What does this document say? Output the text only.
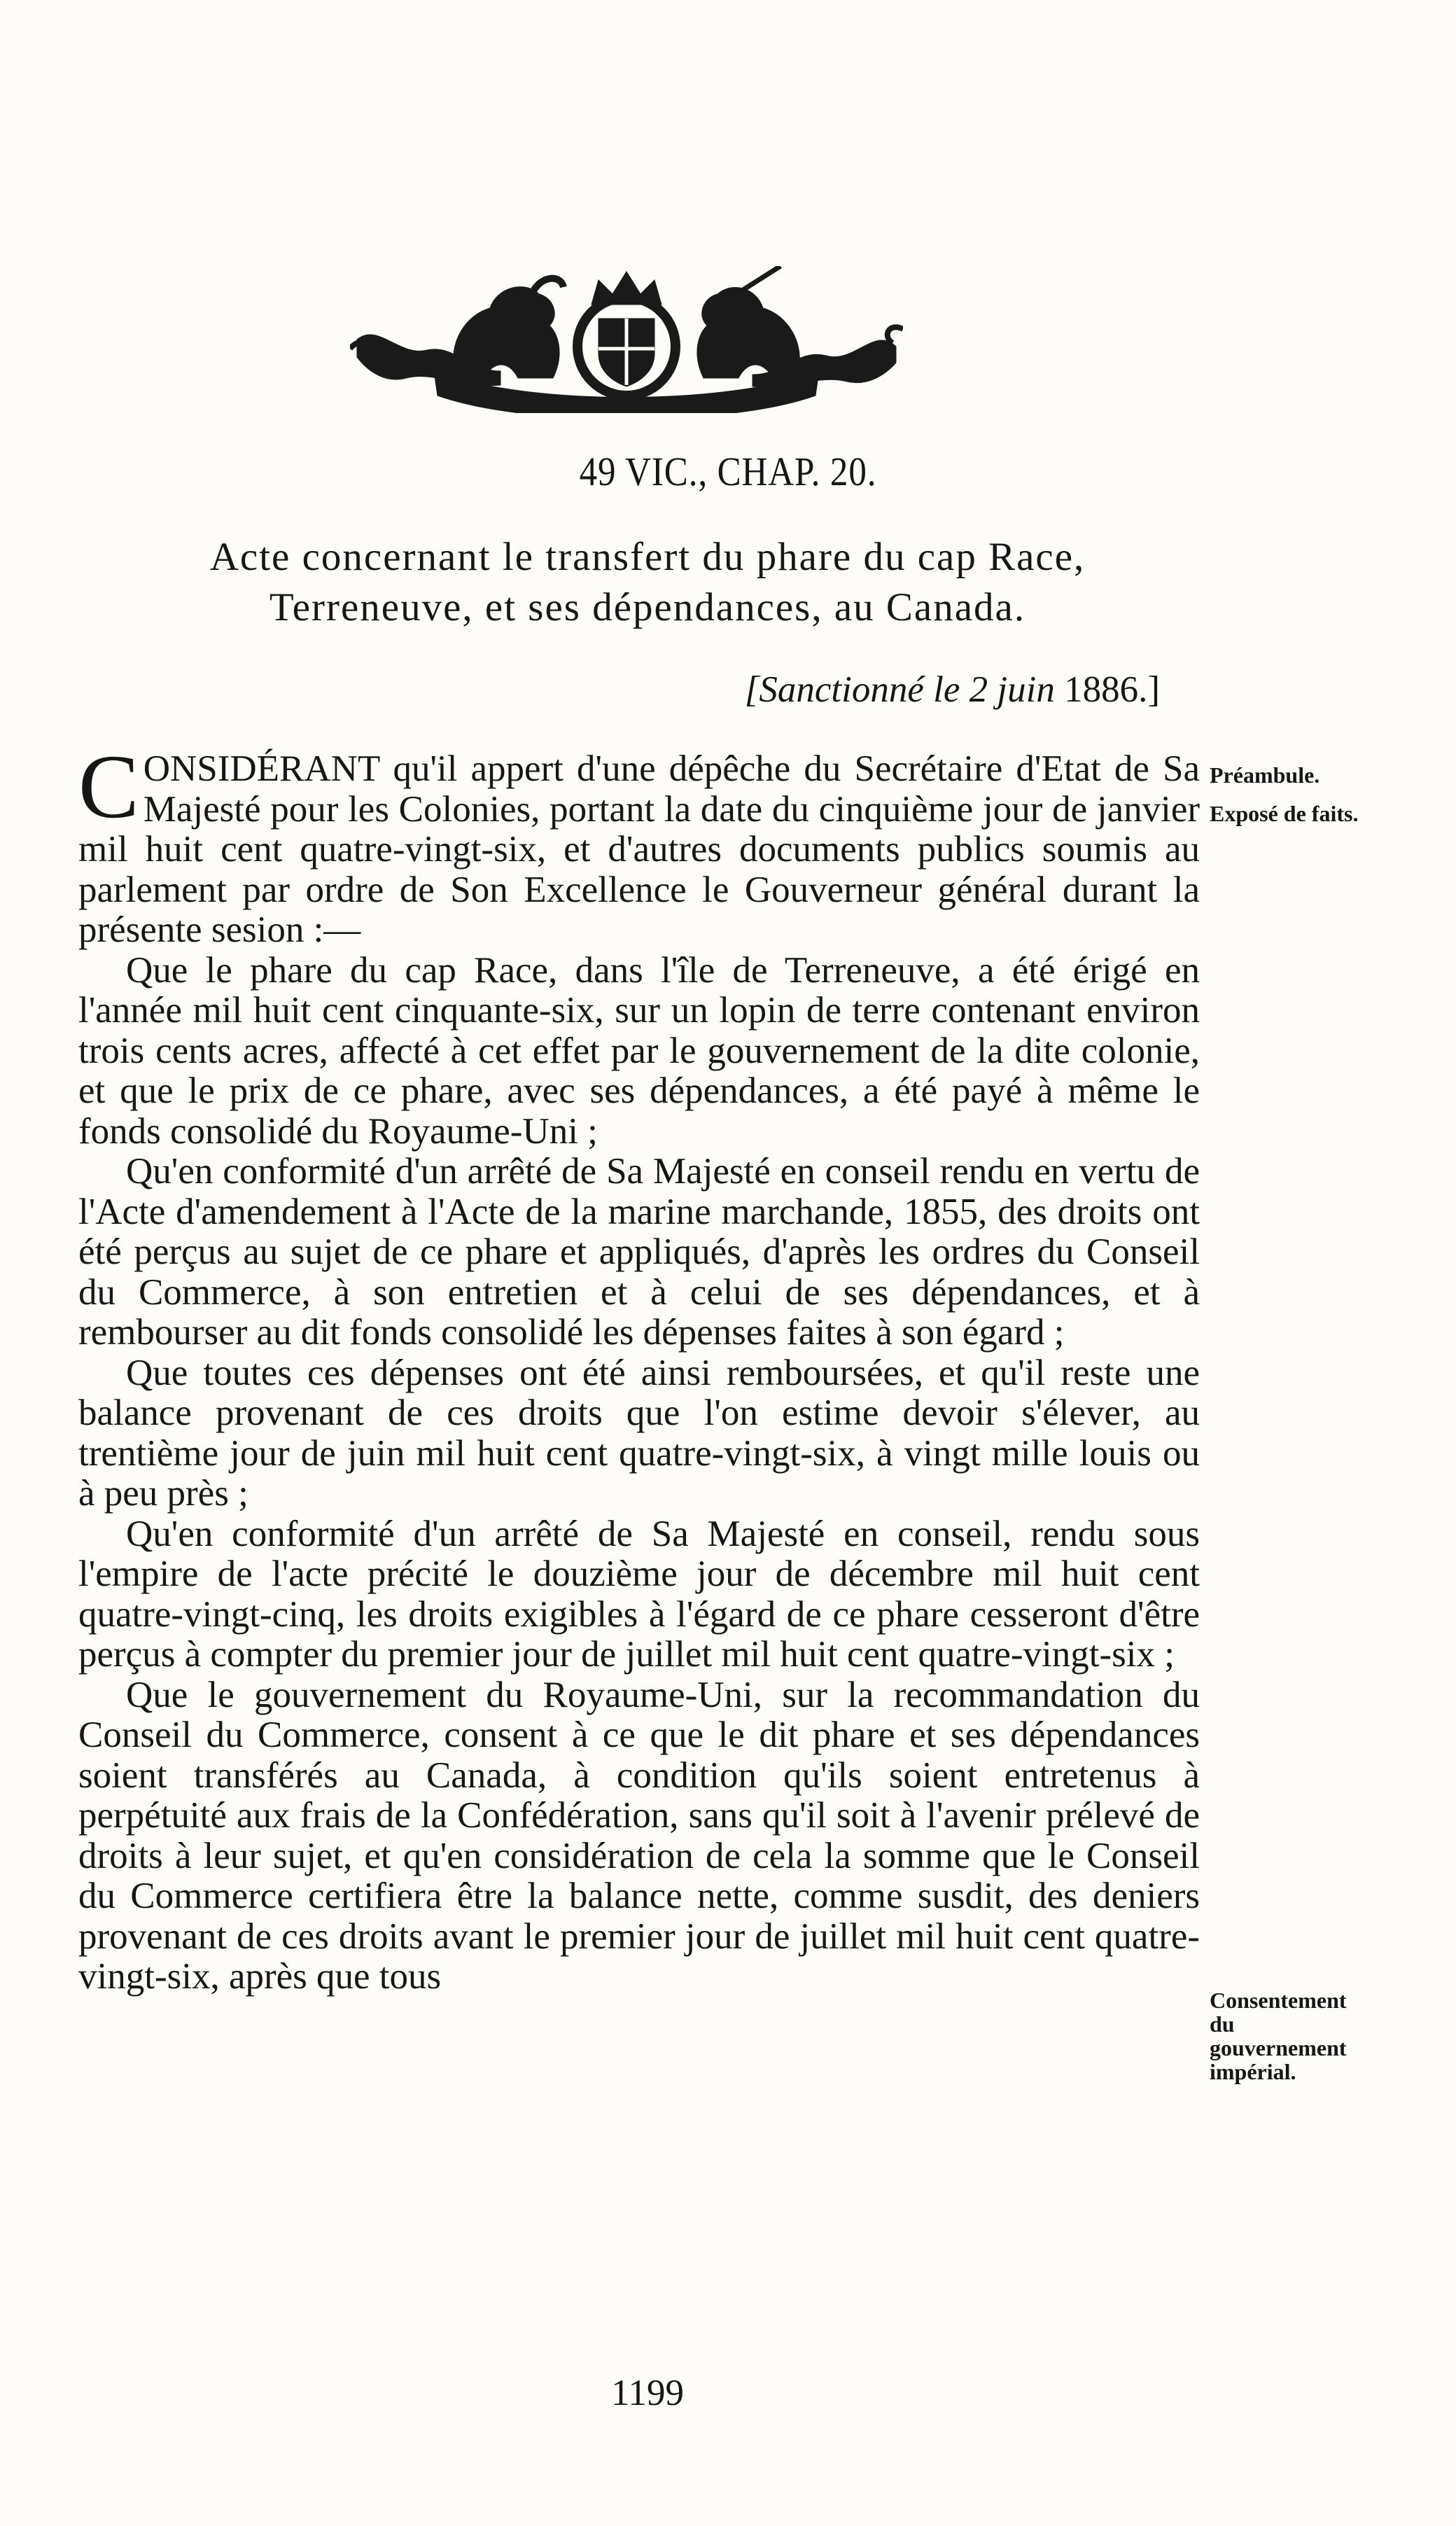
49 VIC., CHAP. 20.
Acte concernant le transfert du phare du cap Race,
Terreneuve, et ses dépendances, au Canada.
[Sanctionné le 2 juin 1886.]
Préambule.
Exposé de faits.
Consentement du gouvernement impérial.

CONSIDÉRANT qu'il appert d'une dépêche du Secrétaire d'Etat de Sa Majesté pour les Colonies, portant la date du cinquième jour de janvier mil huit cent quatre-vingt-six, et d'autres documents publics soumis au parlement par ordre de Son Excellence le Gouverneur général durant la présente sesion :—

Que le phare du cap Race, dans l'île de Terreneuve, a été érigé en l'année mil huit cent cinquante-six, sur un lopin de terre contenant environ trois cents acres, affecté à cet effet par le gouvernement de la dite colonie, et que le prix de ce phare, avec ses dépendances, a été payé à même le fonds consolidé du Royaume-Uni ;

Qu'en conformité d'un arrêté de Sa Majesté en conseil rendu en vertu de l'Acte d'amendement à l'Acte de la marine marchande, 1855, des droits ont été perçus au sujet de ce phare et appliqués, d'après les ordres du Conseil du Commerce, à son entretien et à celui de ses dépendances, et à rembourser au dit fonds consolidé les dépenses faites à son égard ;

Que toutes ces dépenses ont été ainsi remboursées, et qu'il reste une balance provenant de ces droits que l'on estime devoir s'élever, au trentième jour de juin mil huit cent quatre-vingt-six, à vingt mille louis ou à peu près ;

Qu'en conformité d'un arrêté de Sa Majesté en conseil, rendu sous l'empire de l'acte précité le douzième jour de décembre mil huit cent quatre-vingt-cinq, les droits exigibles à l'égard de ce phare cesseront d'être perçus à compter du premier jour de juillet mil huit cent quatre-vingt-six ;

Que le gouvernement du Royaume-Uni, sur la recommandation du Conseil du Commerce, consent à ce que le dit phare et ses dépendances soient transférés au Canada, à condition qu'ils soient entretenus à perpétuité aux frais de la Confédération, sans qu'il soit à l'avenir prélevé de droits à leur sujet, et qu'en considération de cela la somme que le Conseil du Commerce certifiera être la balance nette, comme susdit, des deniers provenant de ces droits avant le premier jour de juillet mil huit cent quatre-vingt-six, après que tous

1199
